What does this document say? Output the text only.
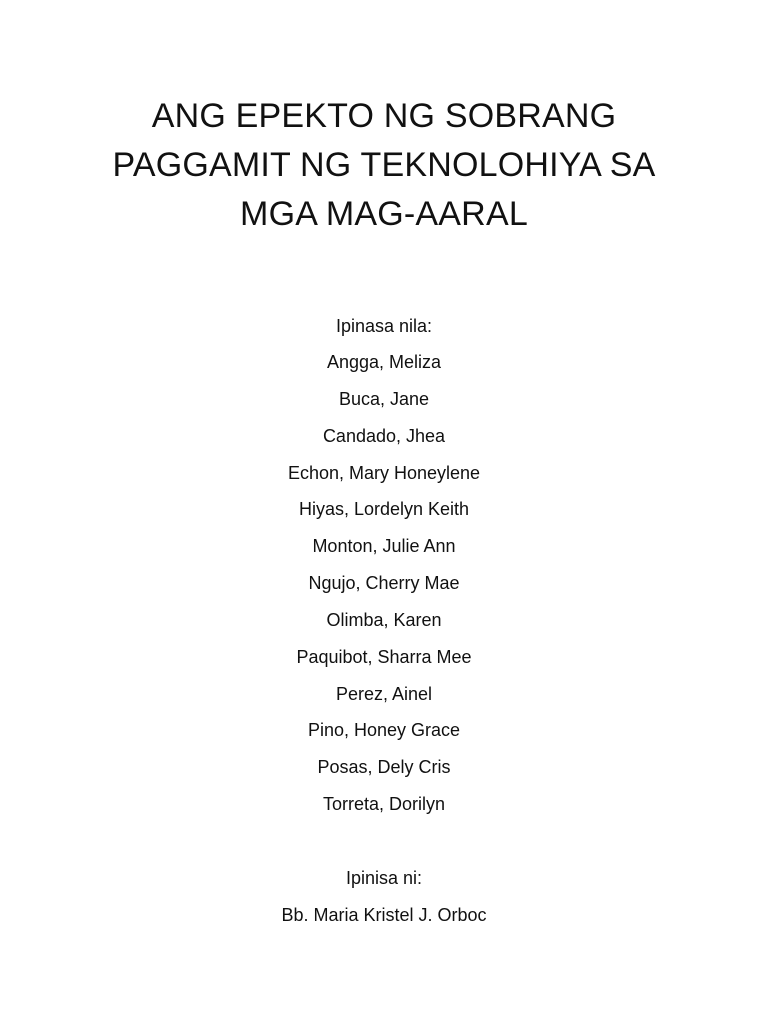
ANG EPEKTO NG SOBRANG
PAGGAMIT NG TEKNOLOHIYA SA
MGA MAG-AARAL
Ipinasa nila:
Angga, Meliza
Buca, Jane
Candado, Jhea
Echon, Mary Honeylene
Hiyas, Lordelyn Keith
Monton, Julie Ann
Ngujo, Cherry Mae
Olimba, Karen
Paquibot, Sharra Mee
Perez, Ainel
Pino, Honey Grace
Posas, Dely Cris
Torreta, Dorilyn
Ipinisa ni:
Bb. Maria Kristel J. Orboc
